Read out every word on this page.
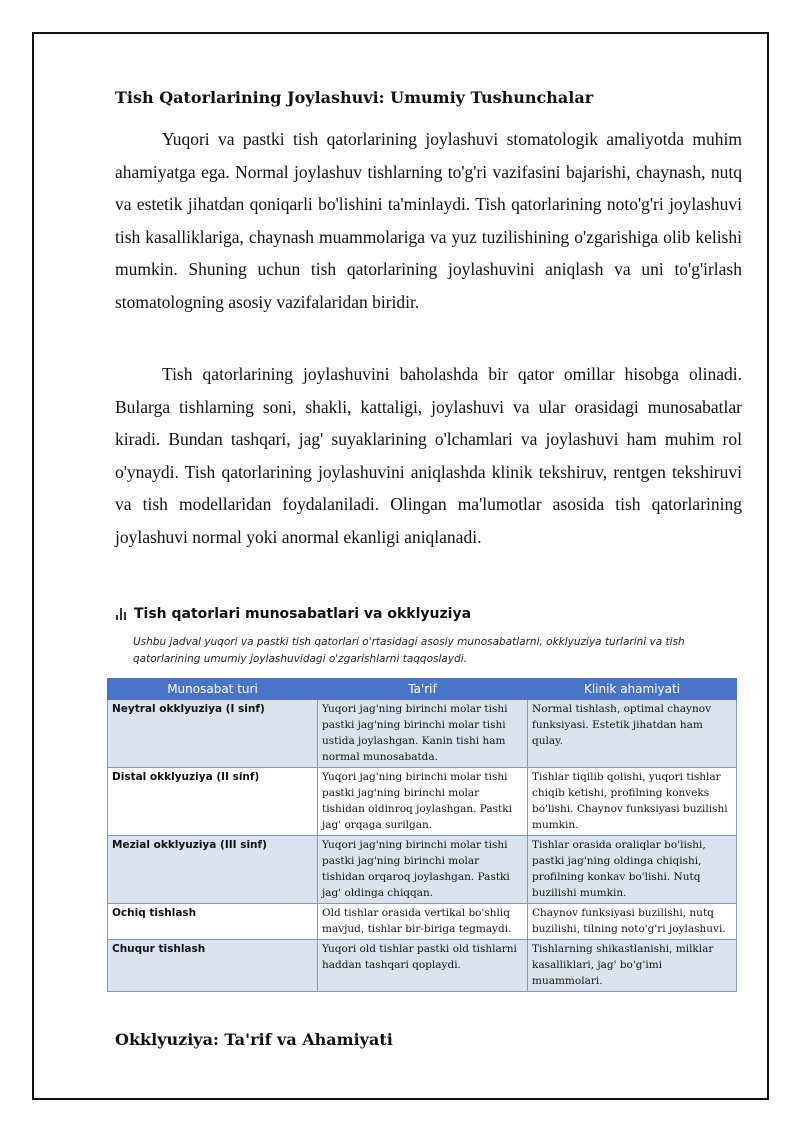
Tish Qatorlarining Joylashuvi: Umumiy Tushunchalar

Yuqori va pastki tish qatorlarining joylashuvi stomatologik amaliyotda muhim ahamiyatga ega. Normal joylashuv tishlarning to'g'ri vazifasini bajarishi, chaynash, nutq va estetik jihatdan qoniqarli bo'lishini ta'minlaydi. Tish qatorlarining noto'g'ri joylashuvi tish kasalliklariga, chaynash muammolariga va yuz tuzilishining o'zgarishiga olib kelishi mumkin. Shuning uchun tish qatorlarining joylashuvini aniqlash va uni to'g'irlash stomatologning asosiy vazifalaridan biridir.

Tish qatorlarining joylashuvini baholashda bir qator omillar hisobga olinadi. Bularga tishlarning soni, shakli, kattaligi, joylashuvi va ular orasidagi munosabatlar kiradi. Bundan tashqari, jag' suyaklarining o'lchamlari va joylashuvi ham muhim rol o'ynaydi. Tish qatorlarining joylashuvini aniqlashda klinik tekshiruv, rentgen tekshiruvi va tish modellaridan foydalaniladi. Olingan ma'lumotlar asosida tish qatorlarining joylashuvi normal yoki anormal ekanligi aniqlanadi.

Tish qatorlari munosabatlari va okklyuziya
Ushbu jadval yuqori va pastki tish qatorlari o'rtasidagi asosiy munosabatlarni, okklyuziya turlarini va tish qatorlarining umumiy joylashuvidagi o'zgarishlarni taqqoslaydi.
Munosabat turi	Ta'rif	Klinik ahamiyati
Neytral okklyuziya (I sinf)	Yuqori jag'ning birinchi molar tishi pastki jag'ning birinchi molar tishi ustida joylashgan. Kanin tishi ham normal munosabatda.	Normal tishlash, optimal chaynov funksiyasi. Estetik jihatdan ham qulay.
Distal okklyuziya (II sinf)	Yuqori jag'ning birinchi molar tishi pastki jag'ning birinchi molar tishidan oldinroq joylashgan. Pastki jag' orqaga surilgan.	Tishlar tiqilib qolishi, yuqori tishlar chiqib ketishi, profilning konveks bo'lishi. Chaynov funksiyasi buzilishi mumkin.
Mezial okklyuziya (III sinf)	Yuqori jag'ning birinchi molar tishi pastki jag'ning birinchi molar tishidan orqaroq joylashgan. Pastki jag' oldinga chiqqan.	Tishlar orasida oraliqlar bo'lishi, pastki jag'ning oldinga chiqishi, profilning konkav bo'lishi. Nutq buzilishi mumkin.
Ochiq tishlash	Old tishlar orasida vertikal bo'shliq mavjud, tishlar bir-biriga tegmaydi.	Chaynov funksiyasi buzilishi, nutq buzilishi, tilning noto'g'ri joylashuvi.
Chuqur tishlash	Yuqori old tishlar pastki old tishlarni haddan tashqari qoplaydi.	Tishlarning shikastlanishi, milklar kasalliklari, jag' bo'g'imi muammolari.
Okklyuziya: Ta'rif va Ahamiyati
